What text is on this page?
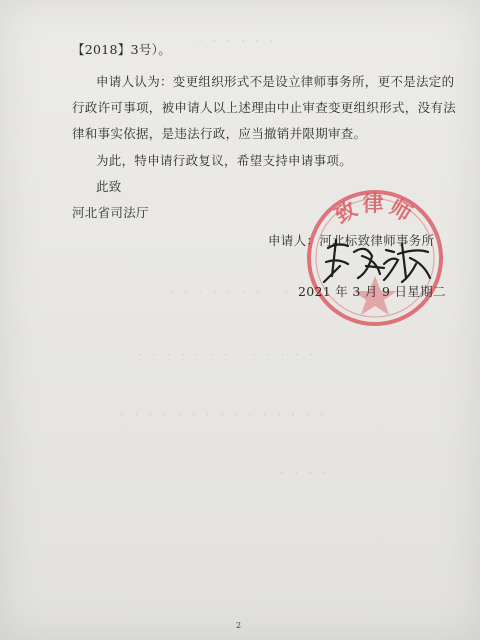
· · · · · ·
· · · · · · · · · · ·
· · · · · · · · · · · · ·
· · · · · · · · · · · · · · ·
· · · ·
【2018】3号）。
申请人认为：变更组织形式不是设立律师事务所，更不是法定的
行政许可事项，被申请人以上述理由中止审查变更组织形式，没有法
律和事实依据，是违法行政，应当撤销并限期审查。
为此，特申请行政复议，希望支持申请事项。
此致
河北省司法厅	致律师
申请人：河北标致律师事务所
2021 年 3 月 9 日星期二
2
